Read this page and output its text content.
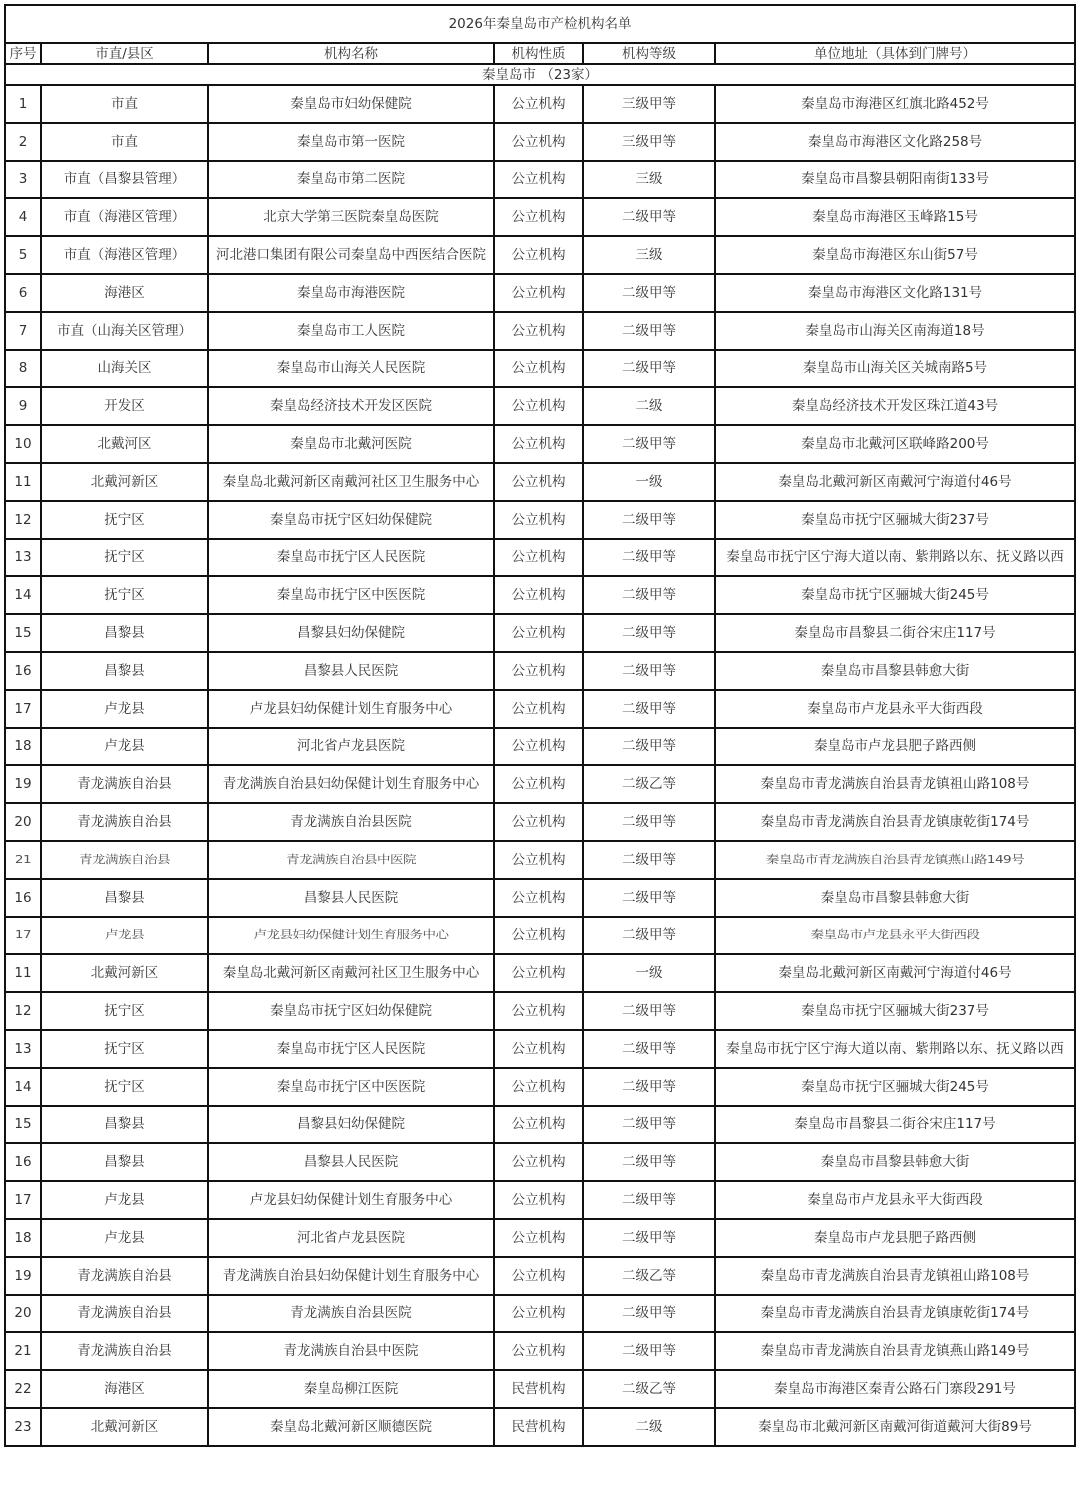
2026年秦皇岛市产检机构名单					
序号	市直/县区	机构名称	机构性质	机构等级	单位地址（具体到门牌号）
秦皇岛市 （23家）					
1	市直	秦皇岛市妇幼保健院	公立机构	三级甲等	秦皇岛市海港区红旗北路452号
2	市直	秦皇岛市第一医院	公立机构	三级甲等	秦皇岛市海港区文化路258号
3	市直（昌黎县管理）	秦皇岛市第二医院	公立机构	三级	秦皇岛市昌黎县朝阳南街133号
4	市直（海港区管理）	北京大学第三医院秦皇岛医院	公立机构	二级甲等	秦皇岛市海港区玉峰路15号
5	市直（海港区管理）	河北港口集团有限公司秦皇岛中西医结合医院	公立机构	三级	秦皇岛市海港区东山街57号
6	海港区	秦皇岛市海港医院	公立机构	二级甲等	秦皇岛市海港区文化路131号
7	市直（山海关区管理）	秦皇岛市工人医院	公立机构	二级甲等	秦皇岛市山海关区南海道18号
8	山海关区	秦皇岛市山海关人民医院	公立机构	二级甲等	秦皇岛市山海关区关城南路5号
9	开发区	秦皇岛经济技术开发区医院	公立机构	二级	秦皇岛经济技术开发区珠江道43号
10	北戴河区	秦皇岛市北戴河医院	公立机构	二级甲等	秦皇岛市北戴河区联峰路200号
11	北戴河新区	秦皇岛北戴河新区南戴河社区卫生服务中心	公立机构	一级	秦皇岛北戴河新区南戴河宁海道付46号
12	抚宁区	秦皇岛市抚宁区妇幼保健院	公立机构	二级甲等	秦皇岛市抚宁区骊城大街237号
13	抚宁区	秦皇岛市抚宁区人民医院	公立机构	二级甲等	秦皇岛市抚宁区宁海大道以南、紫荆路以东、抚义路以西
14	抚宁区	秦皇岛市抚宁区中医医院	公立机构	二级甲等	秦皇岛市抚宁区骊城大街245号
15	昌黎县	昌黎县妇幼保健院	公立机构	二级甲等	秦皇岛市昌黎县二街谷宋庄117号
16	昌黎县	昌黎县人民医院	公立机构	二级甲等	秦皇岛市昌黎县韩愈大街
17	卢龙县	卢龙县妇幼保健计划生育服务中心	公立机构	二级甲等	秦皇岛市卢龙县永平大街西段
18	卢龙县	河北省卢龙县医院	公立机构	二级甲等	秦皇岛市卢龙县肥子路西侧
19	青龙满族自治县	青龙满族自治县妇幼保健计划生育服务中心	公立机构	二级乙等	秦皇岛市青龙满族自治县青龙镇祖山路108号
20	青龙满族自治县	青龙满族自治县医院	公立机构	二级甲等	秦皇岛市青龙满族自治县青龙镇康乾街174号
21	青龙满族自治县	青龙满族自治县中医院	公立机构	二级甲等	秦皇岛市青龙满族自治县青龙镇燕山路149号
16	昌黎县	昌黎县人民医院	公立机构	二级甲等	秦皇岛市昌黎县韩愈大街
17	卢龙县	卢龙县妇幼保健计划生育服务中心	公立机构	二级甲等	秦皇岛市卢龙县永平大街西段
11	北戴河新区	秦皇岛北戴河新区南戴河社区卫生服务中心	公立机构	一级	秦皇岛北戴河新区南戴河宁海道付46号
12	抚宁区	秦皇岛市抚宁区妇幼保健院	公立机构	二级甲等	秦皇岛市抚宁区骊城大街237号
13	抚宁区	秦皇岛市抚宁区人民医院	公立机构	二级甲等	秦皇岛市抚宁区宁海大道以南、紫荆路以东、抚义路以西
14	抚宁区	秦皇岛市抚宁区中医医院	公立机构	二级甲等	秦皇岛市抚宁区骊城大街245号
15	昌黎县	昌黎县妇幼保健院	公立机构	二级甲等	秦皇岛市昌黎县二街谷宋庄117号
16	昌黎县	昌黎县人民医院	公立机构	二级甲等	秦皇岛市昌黎县韩愈大街
17	卢龙县	卢龙县妇幼保健计划生育服务中心	公立机构	二级甲等	秦皇岛市卢龙县永平大街西段
18	卢龙县	河北省卢龙县医院	公立机构	二级甲等	秦皇岛市卢龙县肥子路西侧
19	青龙满族自治县	青龙满族自治县妇幼保健计划生育服务中心	公立机构	二级乙等	秦皇岛市青龙满族自治县青龙镇祖山路108号
20	青龙满族自治县	青龙满族自治县医院	公立机构	二级甲等	秦皇岛市青龙满族自治县青龙镇康乾街174号
21	青龙满族自治县	青龙满族自治县中医院	公立机构	二级甲等	秦皇岛市青龙满族自治县青龙镇燕山路149号
22	海港区	秦皇岛柳江医院	民营机构	二级乙等	秦皇岛市海港区秦青公路石门寨段291号
23	北戴河新区	秦皇岛北戴河新区顺德医院	民营机构	二级	秦皇岛市北戴河新区南戴河街道戴河大街89号
